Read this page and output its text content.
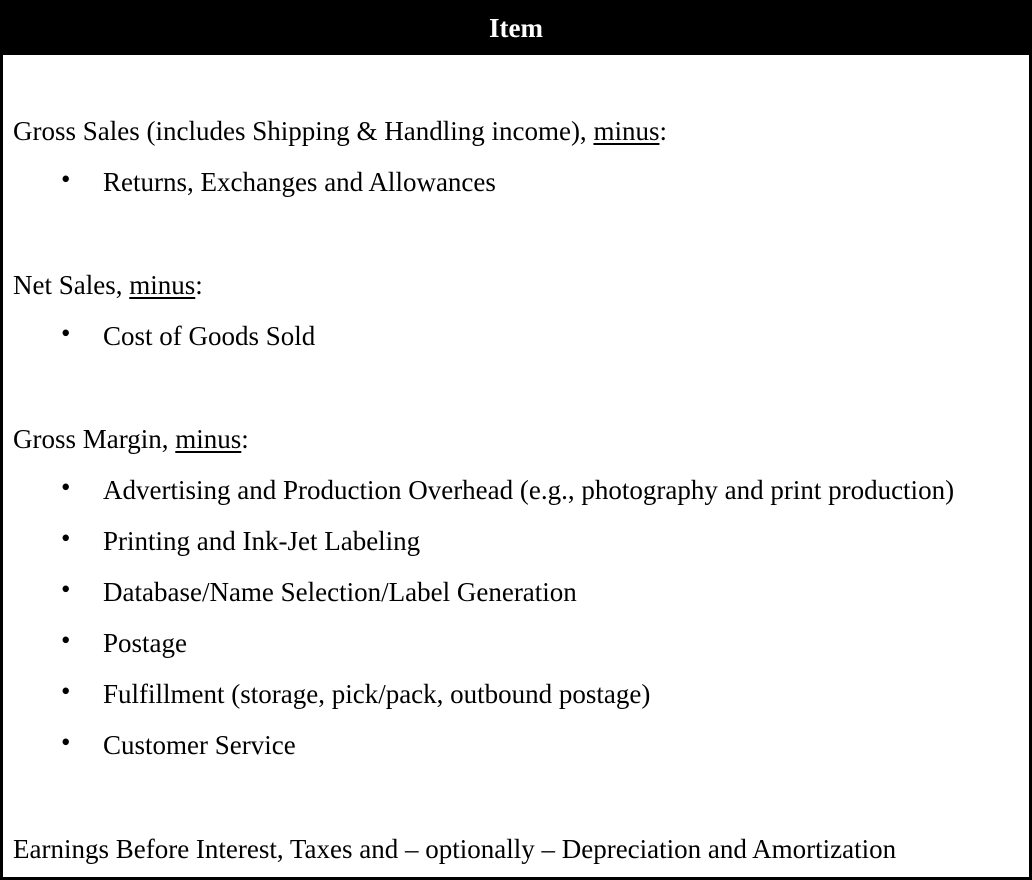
Item
Gross Sales (includes Shipping & Handling income), minus:
• Returns, Exchanges and Allowances
Net Sales, minus:
• Cost of Goods Sold
Gross Margin, minus:
• Advertising and Production Overhead (e.g., photography and print production)
• Printing and Ink-Jet Labeling
• Database/Name Selection/Label Generation
• Postage
• Fulfillment (storage, pick/pack, outbound postage)
• Customer Service
Earnings Before Interest, Taxes and – optionally – Depreciation and Amortization
